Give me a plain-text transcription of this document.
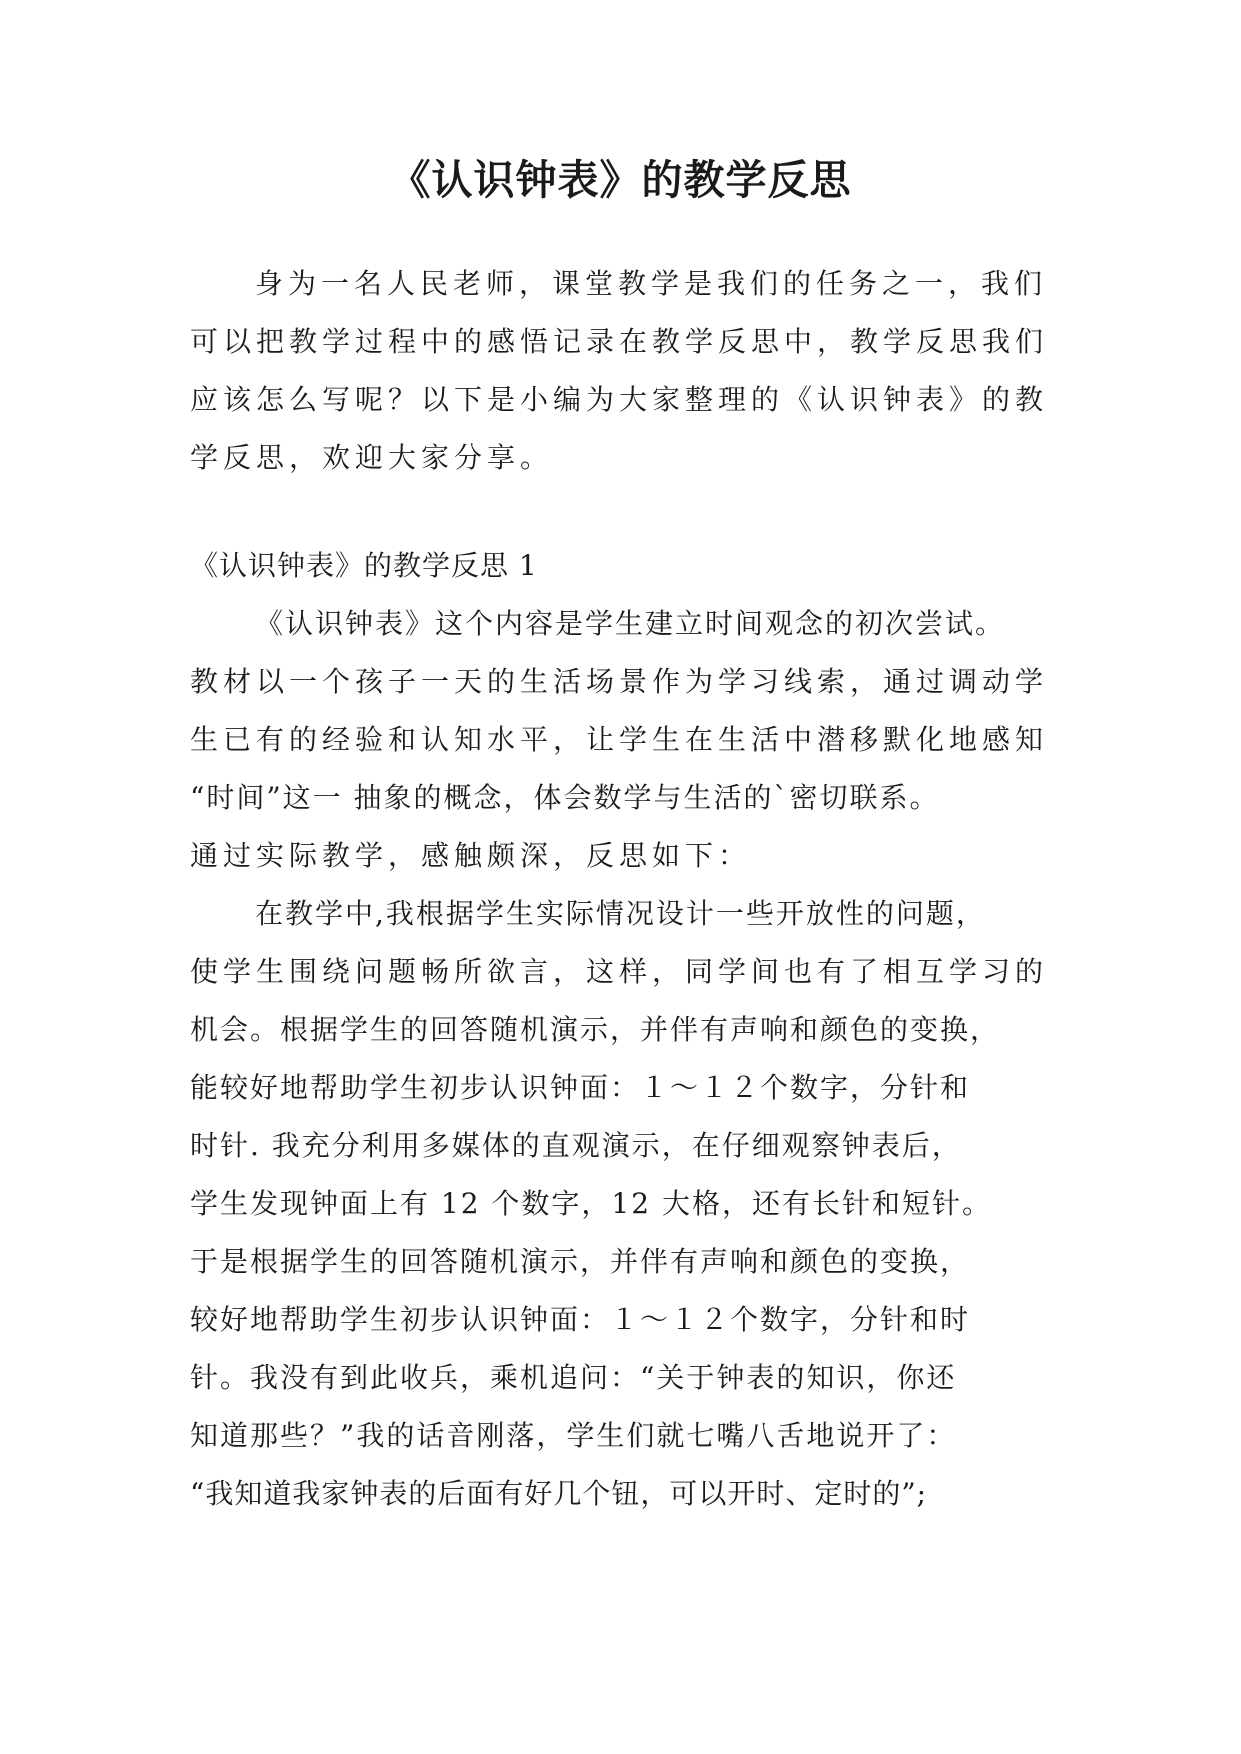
《认识钟表》的教学反思
身为一名人民老师，课堂教学是我们的任务之一，我们
可以把教学过程中的感悟记录在教学反思中，教学反思我们
应该怎么写呢？以下是小编为大家整理的《认识钟表》的教
学反思，欢迎大家分享。
《认识钟表》的教学反思 1
《认识钟表》这个内容是学生建立时间观念的初次尝试。
教材以一个孩子一天的生活场景作为学习线索，通过调动学
生已有的经验和认知水平，让学生在生活中潜移默化地感知
“时间”这一 抽象的概念，体会数学与生活的`密切联系。
通过实际教学，感触颇深，反思如下：
在教学中,我根据学生实际情况设计一些开放性的问题，
使学生围绕问题畅所欲言，这样，同学间也有了相互学习的
机会。根据学生的回答随机演示，并伴有声响和颜色的变换，
能较好地帮助学生初步认识钟面：１～１２个数字，分针和
时针. 我充分利用多媒体的直观演示，在仔细观察钟表后，
学生发现钟面上有 12 个数字，12 大格，还有长针和短针。
于是根据学生的回答随机演示，并伴有声响和颜色的变换，
较好地帮助学生初步认识钟面：１～１２个数字，分针和时
针。我没有到此收兵，乘机追问：“关于钟表的知识，你还
知道那些？”我的话音刚落，学生们就七嘴八舌地说开了：
“我知道我家钟表的后面有好几个钮，可以开时、定时的”;
